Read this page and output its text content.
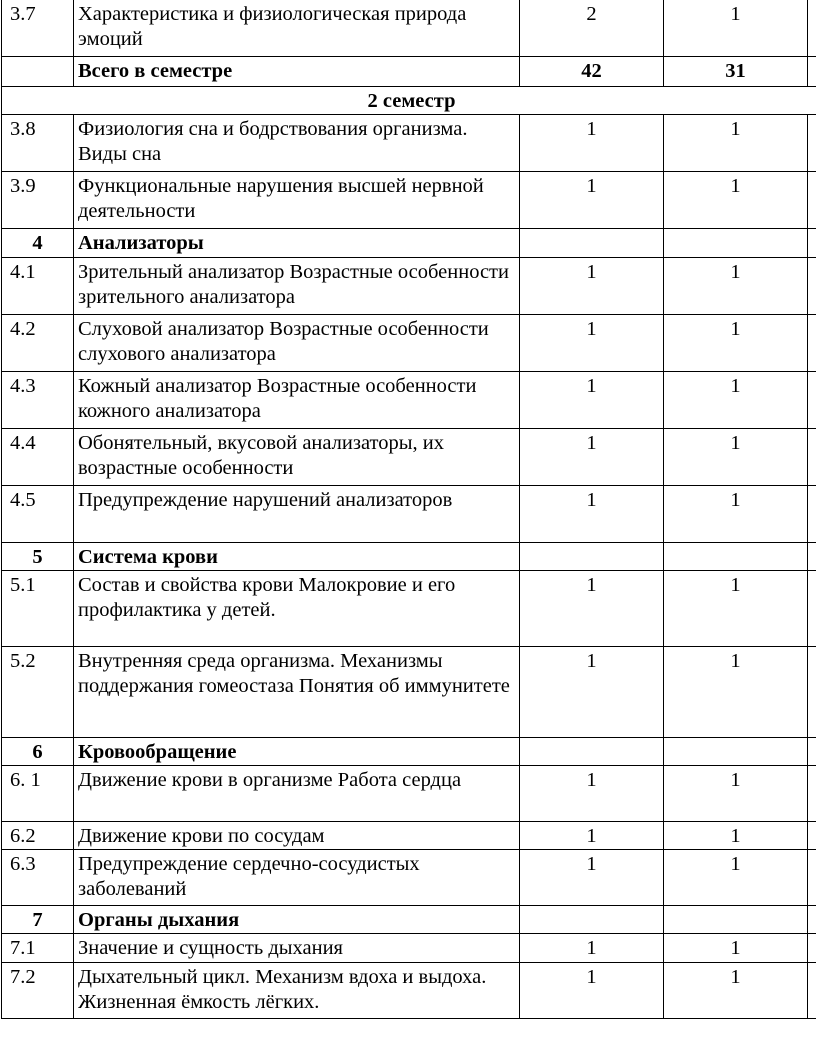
3.7	Характеристика и физиологическая природа эмоций	2	1	
	Всего в семестре	42	31	
2 семестр				
3.8	Физиология сна и бодрствования организма. Виды сна	1	1	
3.9	Функциональные нарушения высшей нервной деятельности	1	1	
4	Анализаторы			
4.1	Зрительный анализатор Возрастные особенности зрительного анализатора	1	1	
4.2	Слуховой анализатор Возрастные особенности слухового анализатора	1	1	
4.3	Кожный анализатор Возрастные особенности кожного анализатора	1	1	
4.4	Обонятельный, вкусовой анализаторы, их возрастные особенности	1	1	
4.5	Предупреждение нарушений анализаторов	1	1	
5	Система крови			
5.1	Состав и свойства крови Малокровие и его профилактика у детей.	1	1	
5.2	Внутренняя среда организма. Механизмы поддержания гомеостаза Понятия об иммунитете	1	1	
6	Кровообращение			
6. 1	Движение крови в организме Работа сердца	1	1	
6.2	Движение крови по сосудам	1	1	
6.3	Предупреждение сердечно-сосудистых заболеваний	1	1	
7	Органы дыхания			
7.1	Значение и сущность дыхания	1	1	
7.2	Дыхательный цикл. Механизм вдоха и выдоха. Жизненная ёмкость лёгких.	1	1	
